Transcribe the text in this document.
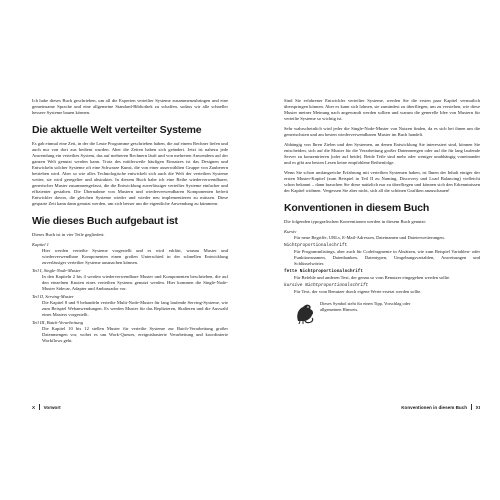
Ich habe dieses Buch geschrieben, um all die Experten verteilter Systeme zusammenzubringen und eine gemeinsame Sprache und eine allgemeine Standard-Bibliothek zu schaffen, sodass wir alle schneller bessere Systeme bauen können.

Die aktuelle Welt verteilter Systeme

Es gab einmal eine Zeit, in der die Leute Programme geschrieben haben, die auf einem Rechner liefen und auch nur von dort aus bedient wurden. Aber die Zeiten haben sich geändert. Jetzt ist nahezu jede Anwendung ein verteiltes System, das auf mehreren Rechnern läuft und von mehreren Anwendern auf der ganzen Welt genutzt werden kann. Trotz des mittlerweile häufigen Einsatzes ist das Designen und Entwickeln solcher Systeme oft eine Schwarze Kunst, die von einer auserwählten Gruppe von Zauberern betrieben wird. Aber so wie alles Technologische entwickelt sich auch die Welt der verteilten Systeme weiter, sie wird geregelter und abstrakter. In diesem Buch habe ich eine Reihe wiederverwendbarer, generischer Muster zusammengefasst, die die Entwicklung zuverlässiger verteilter Systeme einfacher und effizienter gestalten. Die Übernahme von Mustern und wiederverwendbaren Komponenten befreit Entwickler davon, die gleichen Systeme wieder und wieder neu implementieren zu müssen. Diese gesparte Zeit kann dann genutzt werden, um sich besser um die eigentliche Anwendung zu kümmern.

Wie dieses Buch aufgebaut ist

Dieses Buch ist in vier Teile gegliedert:

Kapitel 1
Hier werden verteilte Systeme vorgestellt und es wird erklärt, warum Muster und wiederverwendbare Komponenten einen großen Unterschied in der schnellen Entwicklung zuverlässiger verteilter Systeme ausmachen können.
Teil I, Single-Node-Muster
In den Kapiteln 2 bis 4 werden wiederverwendbare Muster und Komponenten beschrieben, die auf den einzelnen Knoten eines verteilten Systems genutzt werden. Hier kommen die Single-Node-Muster Sidecar, Adapter und Ambassador vor.
Teil II, Serving-Muster
Die Kapitel 8 und 9 behandeln verteilte Multi-Node-Muster für lang laufende Serving-Systeme, wie zum Beispiel Webanwendungen. Es werden Muster für das Replizieren, Skalieren und die Auswahl eines Masters vorgestellt.
Teil III, Batch-Verarbeitung
Die Kapitel 10 bis 12 stellen Muster für verteilte Systeme zur Batch-Verarbeitung großer Datenmengen vor, wobei es um Work-Queues, ereignisbasierte Verarbeitung und koordinierte Workflows geht.
X Vorwort

Sind Sie erfahrener Entwickler verteilter Systeme, werden Sie die ersten paar Kapitel vermutlich überspringen können. Aber es kann sich lohnen, sie zumindest zu überfliegen, um zu verstehen, wie diese Muster meiner Meinung nach angewandt werden sollten und warum die generelle Idee von Mustern für verteilte Systeme so wichtig ist.

Sehr wahrscheinlich wird jeder die Single-Node-Muster von Nutzen finden, da es sich bei ihnen um die generischsten und am besten wiederverwendbaren Muster im Buch handelt.

Abhängig von Ihren Zielen und den Systemen, an denen Entwicklung Sie interessiert sind, können Sie entscheiden, sich auf die Muster für die Verarbeitung großer Datenmengen oder auf die für lang laufende Server zu konzentrieren (oder auf beide). Beide Teile sind mehr oder weniger unabhängig voneinander und es gibt am besten Lesen keine empfohlene Reihenfolge.

Wenn Sie schon umfangreiche Erfahrung mit verteilten Systemen haben, ist Ihnen der Inhalt einiger der ersten Muster-Kapitel (zum Beispiel in Teil II zu Naming, Discovery und Load Balancing) vielleicht schon bekannt – dann brauchen Sie diese natürlich nur zu überfliegen und können sich den Erkenntnissen der Kapitel widmen. Vergessen Sie aber nicht, sich all die schönen Grafiken anzuschauen!

Konventionen in diesem Buch

Die folgenden typografischen Konventionen werden in diesem Buch genutzt:

Kursiv
Für neue Begriffe, URLs, E-Mail-Adressen, Dateinamen und Dateierweiterungen.
Nichtproportionalschrift
Für Programmlistings, aber auch für Codefragmente in Absätzen, wie zum Beispiel Variablen- oder Funktionsnamen, Datenbanken, Datentypen, Umgebungsvariablen, Anweisungen und Schlüsselwörter.
fette Nichtproportionalschrift
Für Befehle und anderen Text, der genau so vom Benutzer eingegeben werden sollte.
kursive Nichtproportionalschrift
Für Text, der vom Benutzer durch eigene Werte ersetzt werden sollte.
Dieses Symbol steht für einen Tipp, Vorschlag oder allgemeinen Hinweis.
Konventionen in diesem Buch XI
